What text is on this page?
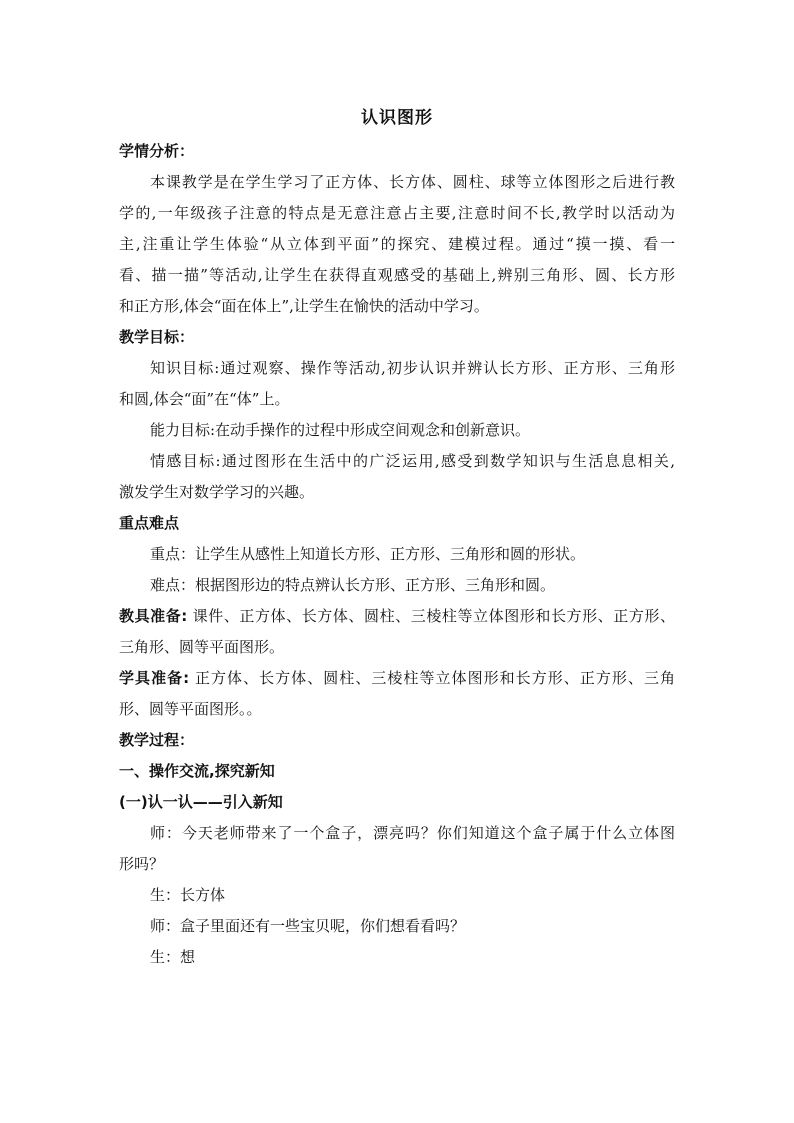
认识图形
学情分析：
本课教学是在学生学习了正方体、长方体、圆柱、球等立体图形之后进行教
学的,一年级孩子注意的特点是无意注意占主要,注意时间不长,教学时以活动为
主,注重让学生体验“从立体到平面”的探究、建模过程。通过“摸一摸、看一
看、描一描”等活动,让学生在获得直观感受的基础上,辨别三角形、圆、长方形
和正方形,体会“面在体上”,让学生在愉快的活动中学习。
教学目标：
知识目标:通过观察、操作等活动,初步认识并辨认长方形、正方形、三角形
和圆,体会“面”在“体”上。
能力目标:在动手操作的过程中形成空间观念和创新意识。
情感目标:通过图形在生活中的广泛运用,感受到数学知识与生活息息相关,
激发学生对数学学习的兴趣。
重点难点
重点：让学生从感性上知道长方形、正方形、三角形和圆的形状。
难点：根据图形边的特点辨认长方形、正方形、三角形和圆。
教具准备: 课件、正方体、长方体、圆柱、三棱柱等立体图形和长方形、正方形、
三角形、圆等平面图形。
学具准备: 正方体、长方体、圆柱、三棱柱等立体图形和长方形、正方形、三角
形、圆等平面图形。。
教学过程：
一、操作交流,探究新知
(一)认一认——引入新知
师：今天老师带来了一个盒子，漂亮吗？你们知道这个盒子属于什么立体图
形吗？
生：长方体
师：盒子里面还有一些宝贝呢，你们想看看吗？
生：想
